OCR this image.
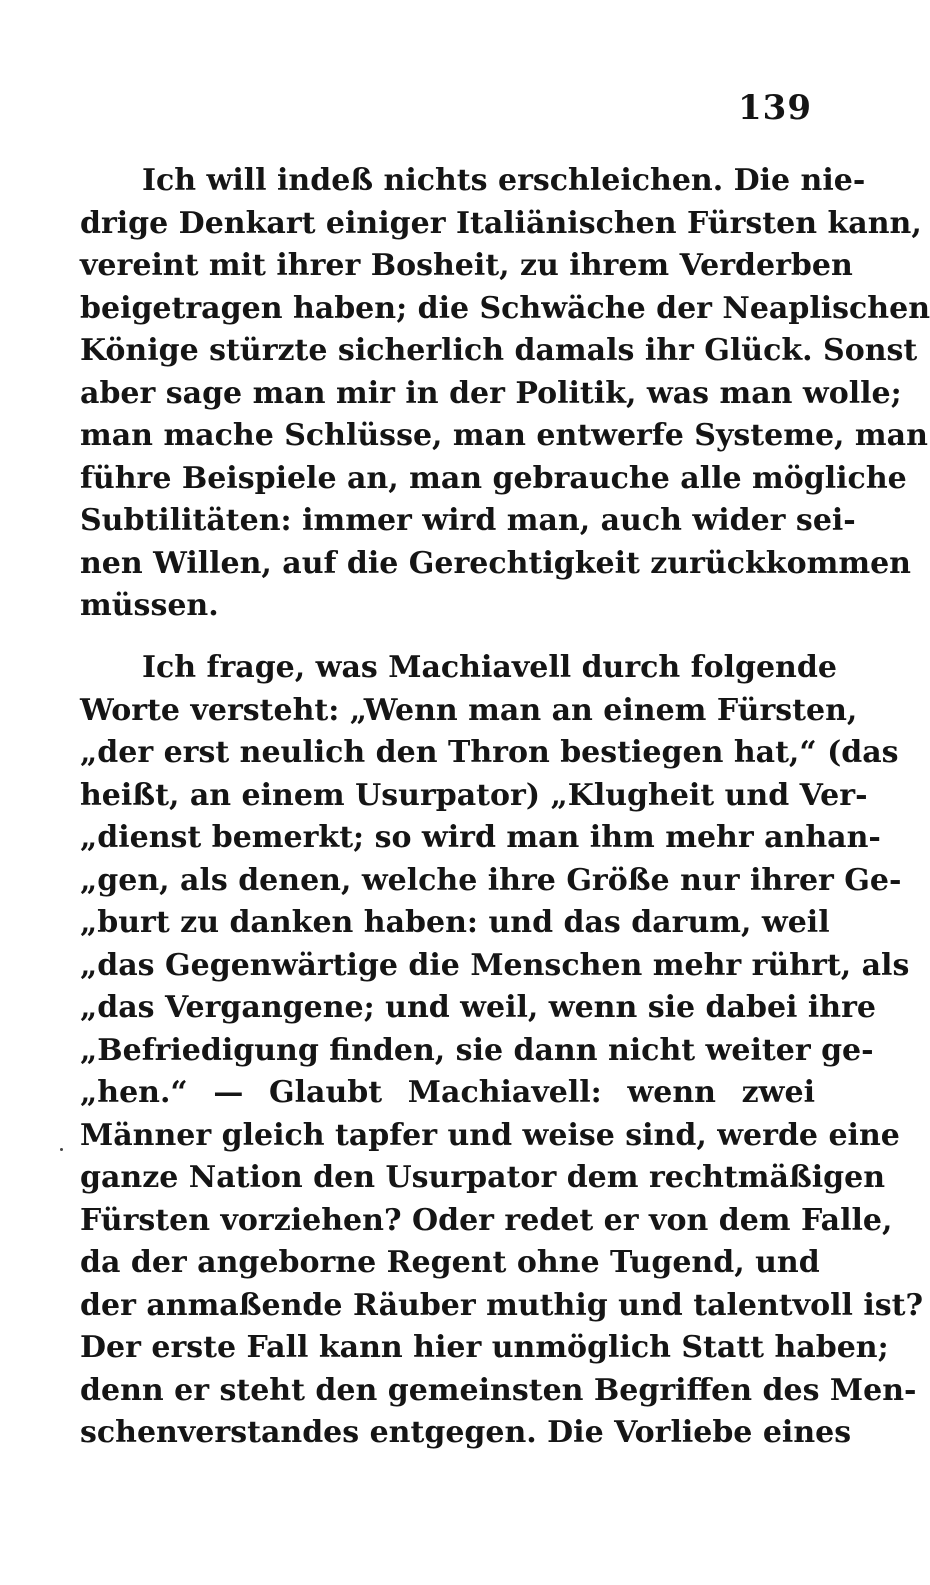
139
Ich will indeß nichts erschleichen. Die nie-
drige Denkart einiger Italiänischen Fürsten kann,
vereint mit ihrer Bosheit, zu ihrem Verderben
beigetragen haben; die Schwäche der Neaplischen
Könige stürzte sicherlich damals ihr Glück. Sonst
aber sage man mir in der Politik, was man wolle;
man mache Schlüsse, man entwerfe Systeme, man
führe Beispiele an, man gebrauche alle mögliche
Subtilitäten: immer wird man, auch wider sei-
nen Willen, auf die Gerechtigkeit zurückkommen
müssen.
Ich frage, was Machiavell durch folgende
Worte versteht: „Wenn man an einem Fürsten,
„der erst neulich den Thron bestiegen hat,“ (das
heißt, an einem Usurpator) „Klugheit und Ver-
„dienst bemerkt; so wird man ihm mehr anhan-
„gen, als denen, welche ihre Größe nur ihrer Ge-
„burt zu danken haben: und das darum, weil
„das Gegenwärtige die Menschen mehr rührt, als
„das Vergangene; und weil, wenn sie dabei ihre
„Befriedigung finden, sie dann nicht weiter ge-
„hen.“ — Glaubt Machiavell: wenn zwei
Männer gleich tapfer und weise sind, werde eine
ganze Nation den Usurpator dem rechtmäßigen
Fürsten vorziehen? Oder redet er von dem Falle,
da der angeborne Regent ohne Tugend, und
der anmaßende Räuber muthig und talentvoll ist?
Der erste Fall kann hier unmöglich Statt haben;
denn er steht den gemeinsten Begriffen des Men-
schenverstandes entgegen. Die Vorliebe eines
